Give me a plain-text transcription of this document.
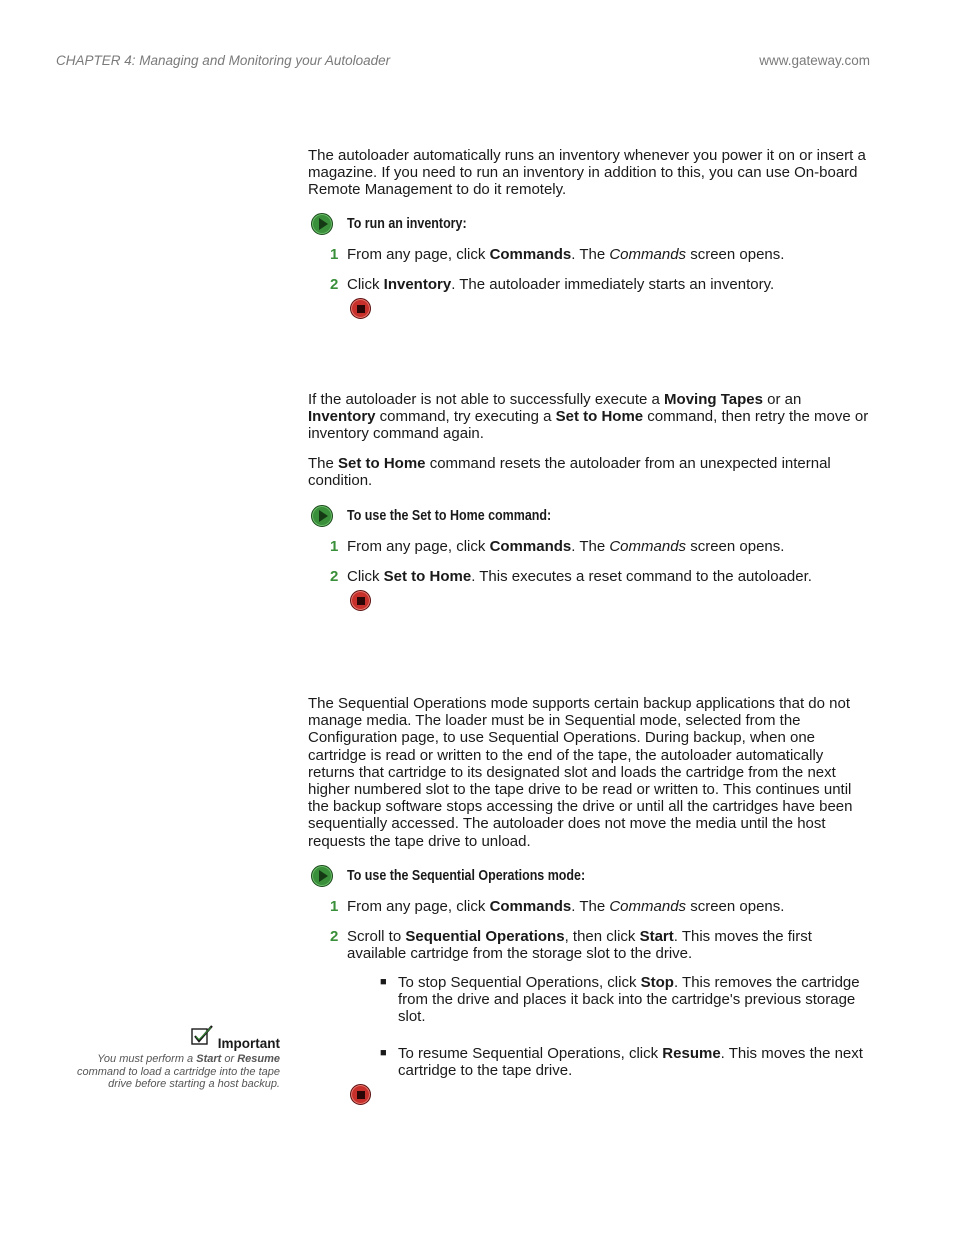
CHAPTER 4: Managing and Monitoring your Autoloader	www.gateway.com

The autoloader automatically runs an inventory whenever you power it on or insert a magazine. If you need to run an inventory in addition to this, you can use On-board Remote Management to do it remotely.

To run an inventory:
1 From any page, click Commands. The Commands screen opens.
2 Click Inventory. The autoloader immediately starts an inventory.

If the autoloader is not able to successfully execute a Moving Tapes or an Inventory command, try executing a Set to Home command, then retry the move or inventory command again.

The Set to Home command resets the autoloader from an unexpected internal condition.

To use the Set to Home command:
1 From any page, click Commands. The Commands screen opens.
2 Click Set to Home. This executes a reset command to the autoloader.

The Sequential Operations mode supports certain backup applications that do not manage media. The loader must be in Sequential mode, selected from the Configuration page, to use Sequential Operations. During backup, when one cartridge is read or written to the end of the tape, the autoloader automatically returns that cartridge to its designated slot and loads the cartridge from the next higher numbered slot to the tape drive to be read or written to. This continues until the backup software stops accessing the drive or until all the cartridges have been sequentially accessed. The autoloader does not move the media until the host requests the tape drive to unload.

To use the Sequential Operations mode:
1 From any page, click Commands. The Commands screen opens.
2 Scroll to Sequential Operations, then click Start. This moves the first available cartridge from the storage slot to the drive.
■ To stop Sequential Operations, click Stop. This removes the cartridge from the drive and places it back into the cartridge's previous storage slot.
■ To resume Sequential Operations, click Resume. This moves the next cartridge to the tape drive.
Important
You must perform a Start or Resume command to load a cartridge into the tape drive before starting a host backup.
